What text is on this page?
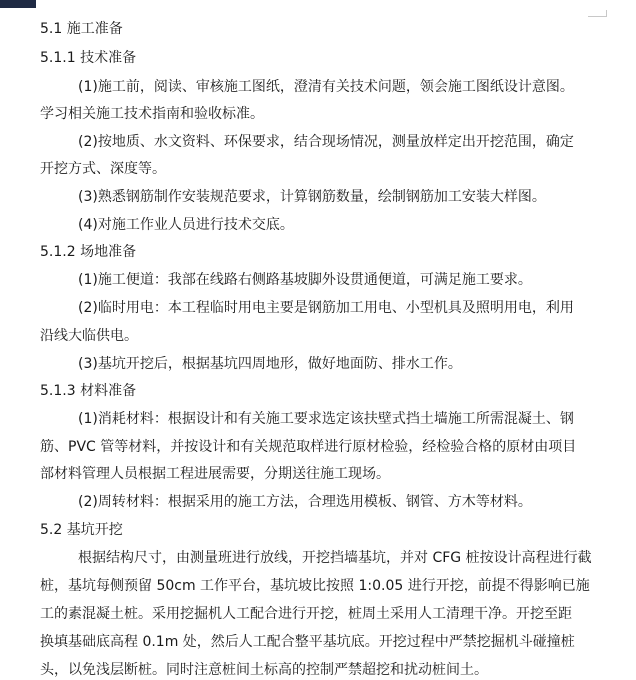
5.1 施工准备
5.1.1 技术准备
(1)施工前，阅读、审核施工图纸，澄清有关技术问题，领会施工图纸设计意图。
学习相关施工技术指南和验收标准。
(2)按地质、水文资料、环保要求，结合现场情况，测量放样定出开挖范围，确定
开挖方式、深度等。
(3)熟悉钢筋制作安装规范要求，计算钢筋数量，绘制钢筋加工安装大样图。
(4)对施工作业人员进行技术交底。
5.1.2 场地准备
(1)施工便道：我部在线路右侧路基坡脚外设贯通便道，可满足施工要求。
(2)临时用电：本工程临时用电主要是钢筋加工用电、小型机具及照明用电，利用
沿线大临供电。
(3)基坑开挖后，根据基坑四周地形，做好地面防、排水工作。
5.1.3 材料准备
(1)消耗材料：根据设计和有关施工要求选定该扶壁式挡土墙施工所需混凝土、钢
筋、PVC 管等材料，并按设计和有关规范取样进行原材检验，经检验合格的原材由项目
部材料管理人员根据工程进展需要，分期送往施工现场。
(2)周转材料：根据采用的施工方法，合理选用模板、钢管、方木等材料。
5.2 基坑开挖
根据结构尺寸，由测量班进行放线，开挖挡墙基坑，并对 CFG 桩按设计高程进行截
桩，基坑每侧预留 50cm 工作平台，基坑坡比按照 1:0.05 进行开挖，前提不得影响已施
工的素混凝土桩。采用挖掘机人工配合进行开挖，桩周土采用人工清理干净。开挖至距
换填基础底高程 0.1m 处，然后人工配合整平基坑底。开挖过程中严禁挖掘机斗碰撞桩
头，以免浅层断桩。同时注意桩间土标高的控制严禁超挖和扰动桩间土。
